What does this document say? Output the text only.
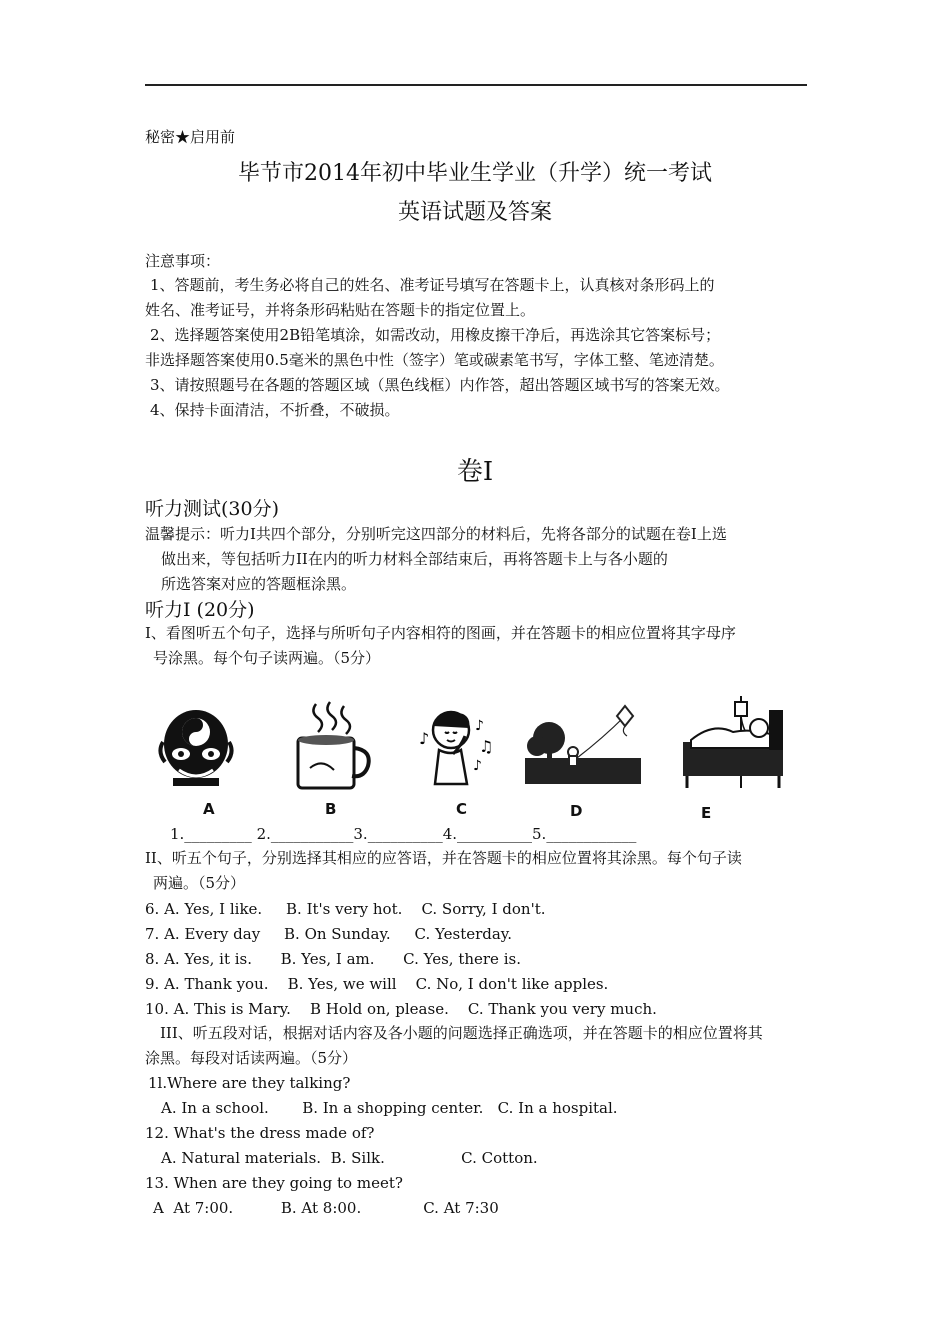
秘密★启用前
毕节市2014年初中毕业生学业（升学）统一考试
英语试题及答案
注意事项：
1、答题前，考生务必将自己的姓名、准考证号填写在答题卡上，认真核对条形码上的
姓名、准考证号，并将条形码粘贴在答题卡的指定位置上。
2、选择题答案使用2B铅笔填涂，如需改动，用橡皮擦干净后，再选涂其它答案标号；
非选择题答案使用0.5毫米的黑色中性（签字）笔或碳素笔书写，字体工整、笔迹清楚。
3、请按照题号在各题的答题区域（黑色线框）内作答，超出答题区域书写的答案无效。
4、保持卡面清洁，不折叠，不破损。
卷I
听力测试(30分)
温馨提示：听力I共四个部分，分别听完这四部分的材料后，先将各部分的试题在卷I上选
做出来，等包括听力II在内的听力材料全部结束后，再将答题卡上与各小题的
所选答案对应的答题框涂黑。
听力I (20分)
I、看图听五个句子，选择与所听句子内容相符的图画，并在答题卡的相应位置将其字母序
号涂黑。每个句子读两遍。（5分）
♪
♪
♫
♪
A	B	C	D	E
1._________ 2.___________3.__________4.__________5.____________
II、听五个句子，分别选择其相应的应答语，并在答题卡的相应位置将其涂黑。每个句子读
两遍。（5分）
6. A. Yes, I like.     B. It's very hot.    C. Sorry, I don't.
7. A. Every day     B. On Sunday.     C. Yesterday.
8. A. Yes, it is.      B. Yes, I am.      C. Yes, there is.
9. A. Thank you.    B. Yes, we will    C. No, I don't like apples.
10. A. This is Mary.    B Hold on, please.    C. Thank you very much.
III、听五段对话，根据对话内容及各小题的问题选择正确选项，并在答题卡的相应位置将其
涂黑。每段对话读两遍。（5分）
1l.Where are they talking?
A. In a school.       B. In a shopping center.   C. In a hospital.
12. What's the dress made of?
A. Natural materials.  B. Silk.                C. Cotton.
13. When are they going to meet?
A  At 7:00.          B. At 8:00.             C. At 7:30
